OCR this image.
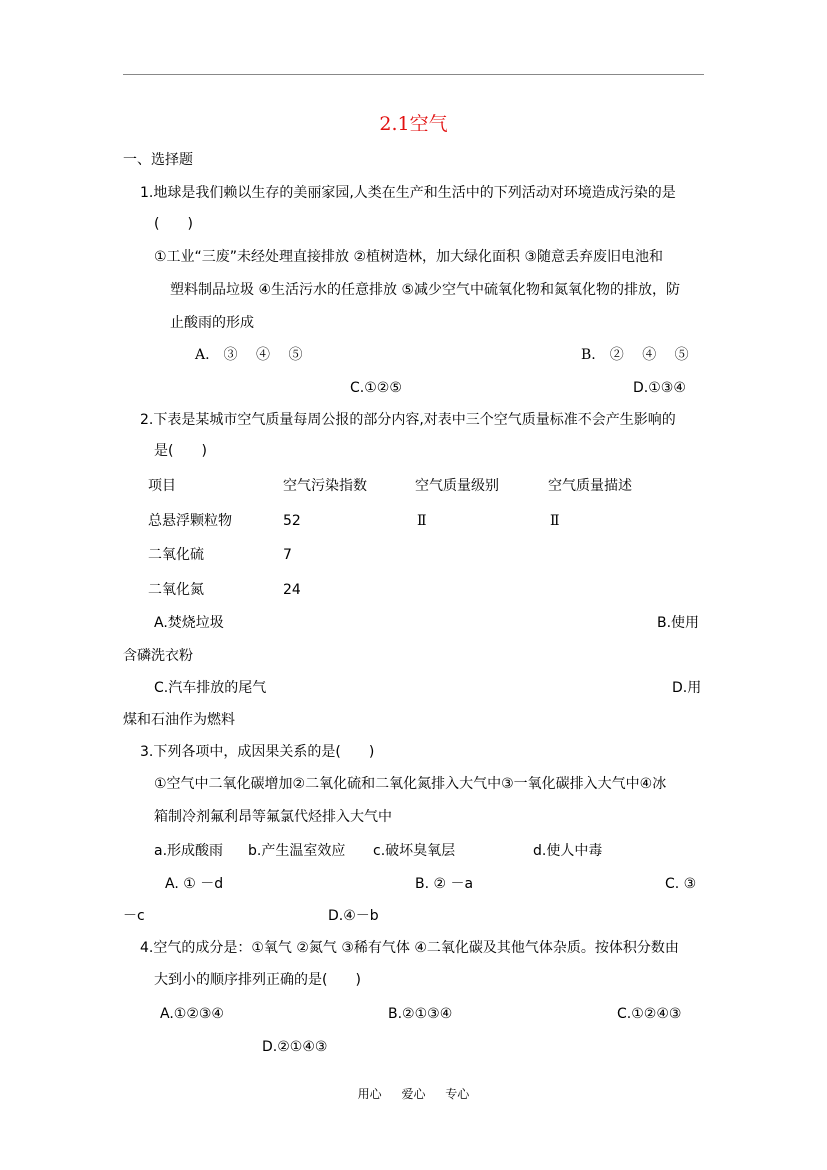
2.1空气
一、选择题
1.地球是我们赖以生存的美丽家园,人类在生产和生活中的下列活动对环境造成污染的是
(　　)
①工业“三废”未经处理直接排放 ②植树造林，加大绿化面积 ③随意丢弃废旧电池和
塑料制品垃圾 ④生活污水的任意排放 ⑤减少空气中硫氧化物和氮氧化物的排放，防
止酸雨的形成
A.　③　 ④　 ⑤	B.　②　 ④　 ⑤
C.①②⑤	D.①③④
2.下表是某城市空气质量每周公报的部分内容,对表中三个空气质量标准不会产生影响的
是(　　)
项目	空气污染指数	空气质量级别	空气质量描述
总悬浮颗粒物	52	Ⅱ	Ⅱ
二氧化硫	7
二氧化氮	24
A.焚烧垃圾	B.使用
含磷洗衣粉
C.汽车排放的尾气	D.用
煤和石油作为燃料
3.下列各项中，成因果关系的是(　　)
①空气中二氧化碳增加②二氧化硫和二氧化氮排入大气中③一氧化碳排入大气中④冰
箱制冷剂氟利昂等氟氯代烃排入大气中
a.形成酸雨 b.产生温室效应 c.破坏臭氧层	d.使人中毒
A. ① －d	B. ② －a	C. ③
－c	D.④－b
4.空气的成分是：①氧气 ②氮气 ③稀有气体 ④二氧化碳及其他气体杂质。按体积分数由
大到小的顺序排列正确的是(　　)
A.①②③④	B.②①③④	C.①②④③
D.②①④③
用心 爱心 专心
